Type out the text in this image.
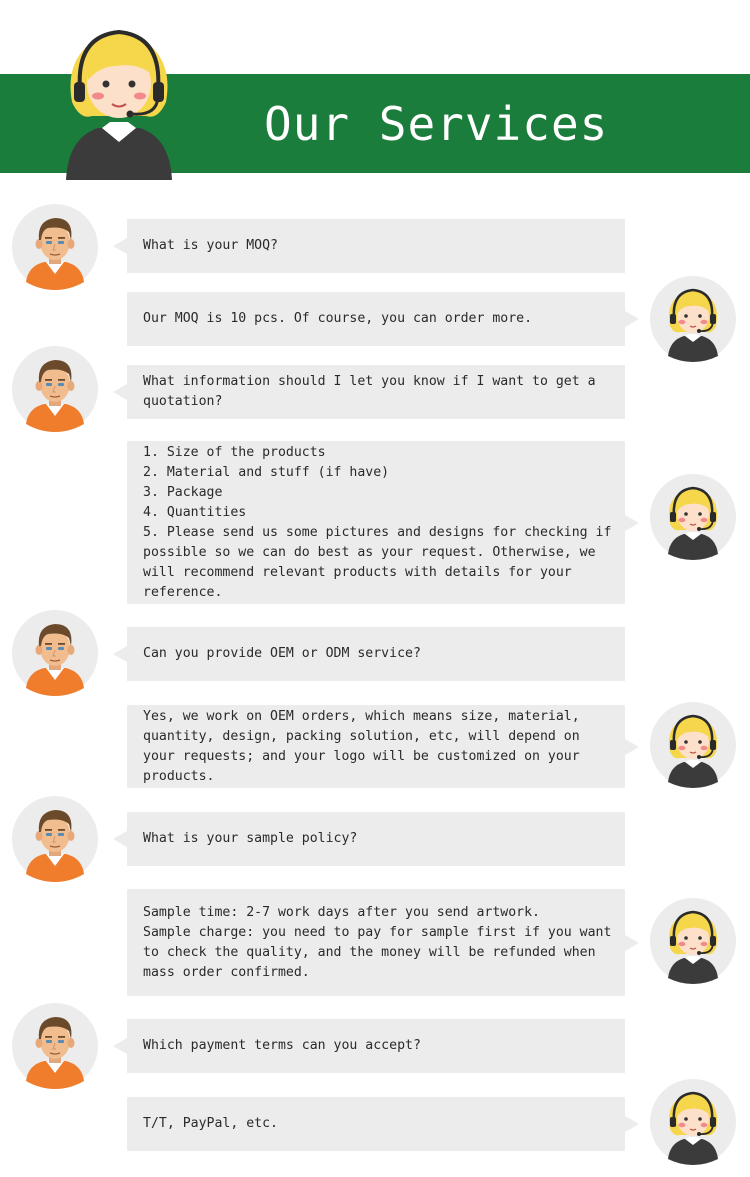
Our Services
What is your MOQ?
Our MOQ is 10 pcs. Of course, you can order more.
What information should I let you know if I want to get a quotation?
1. Size of the products
2. Material and stuff (if have)
3. Package
4. Quantities
5. Please send us some pictures and designs for checking if possible so we can do best as your request. Otherwise, we will recommend relevant products with details for your reference.
Can you provide OEM or ODM service?
Yes, we work on OEM orders, which means size, material, quantity, design, packing solution, etc, will depend on your requests; and your logo will be customized on your products.
What is your sample policy?
Sample time: 2-7 work days after you send artwork.
Sample charge: you need to pay for sample first if you want to check the quality, and the money will be refunded when mass order confirmed.
Which payment terms can you accept?
T/T, PayPal, etc.
